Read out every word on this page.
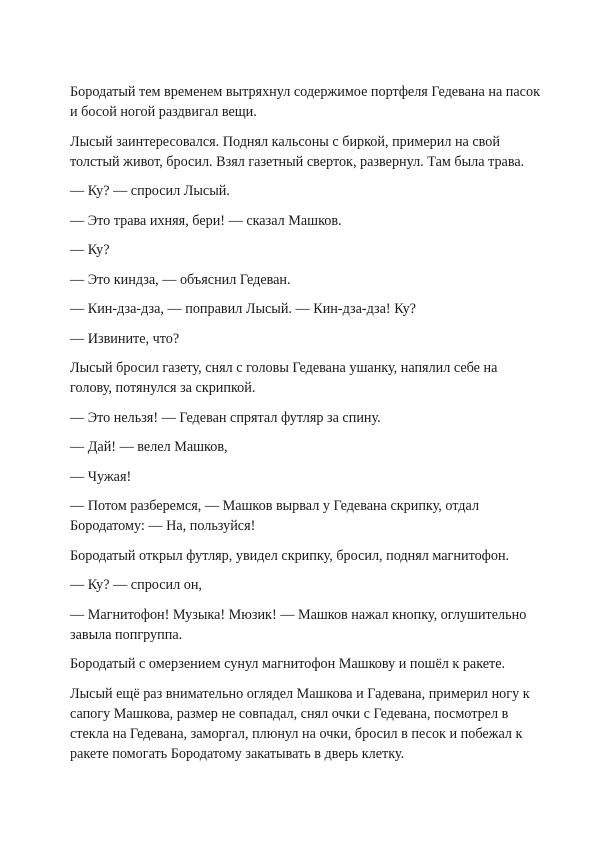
Бородатый тем временем вытряхнул содержимое портфеля Гедевана на пасок и босой ногой раздвигал вещи.

Лысый заинтересовался. Поднял кальсоны с биркой, примерил на свой толстый живот, бросил. Взял газетный сверток, развернул. Там была трава.

— Ку? — спросил Лысый.

— Это трава ихняя, бери! — сказал Машков.

— Ку?

— Это киндза, — объяснил Гедеван.

— Кин-дза-дза, — поправил Лысый. — Кин-дза-дза! Ку?

— Извините, что?

Лысый бросил газету, снял с головы Гедевана ушанку, напялил себе на голову, потянулся за скрипкой.

— Это нельзя! — Гедеван спрятал футляр за спину.

— Дай! — велел Машков,

— Чужая!

— Потом разберемся, — Машков вырвал у Гедевана скрипку, отдал Бородатому: — На, пользуйся!

Бородатый открыл футляр, увидел скрипку, бросил, поднял магнитофон.

— Ку? — спросил он,

— Магнитофон! Музыка! Мюзик! — Машков нажал кнопку, оглушительно завыла попгруппа.

Бородатый с омерзением сунул магнитофон Машкову и пошёл к ракете.

Лысый ещё раз внимательно оглядел Машкова и Гадевана, примерил ногу к сапогу Машкова, размер не совпадал, снял очки с Гедевана, посмотрел в стекла на Гедевана, заморгал, плюнул на очки, бросил в песок и побежал к ракете помогать Бородатому закатывать в дверь клетку.
